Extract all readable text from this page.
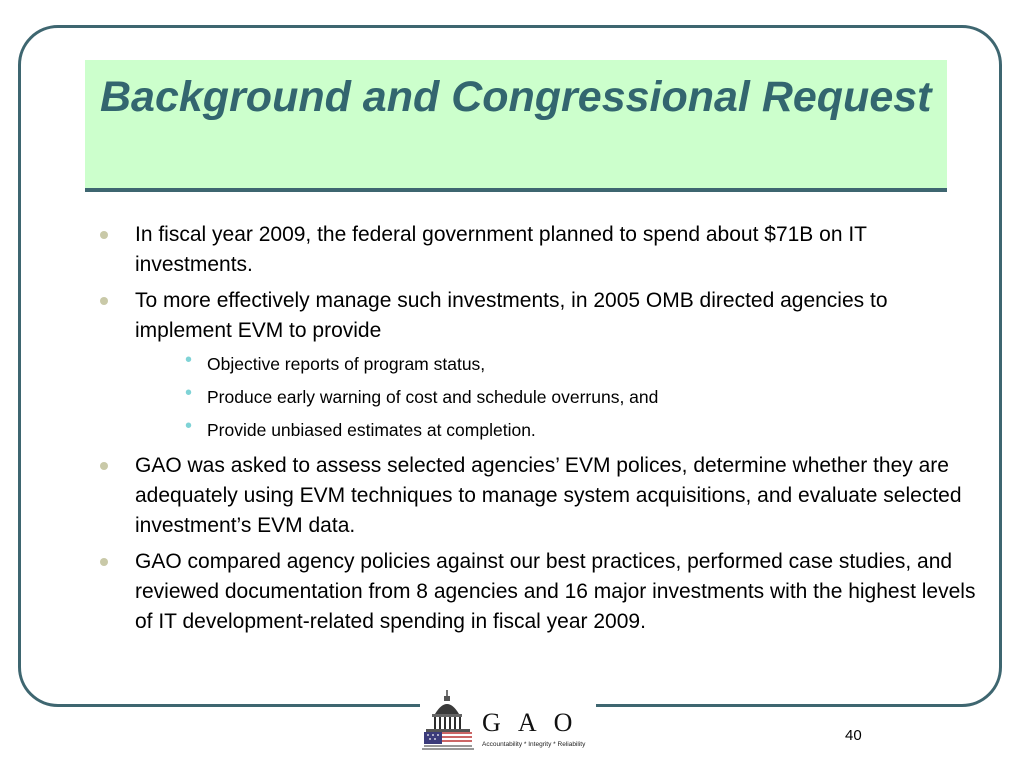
Background and Congressional Request
In fiscal year 2009, the federal government planned to spend about $71B on IT investments.
To more effectively manage such investments, in 2005 OMB directed agencies to implement EVM to provide
• Objective reports of program status,
• Produce early warning of cost and schedule overruns, and
• Provide unbiased estimates at completion.
GAO was asked to assess selected agencies’ EVM polices, determine whether they are adequately using EVM techniques to manage system acquisitions, and evaluate selected investment’s EVM data.
GAO compared agency policies against our best practices, performed case studies, and reviewed documentation from 8 agencies and 16 major investments with the highest levels of IT development-related spending in fiscal year 2009.
G A O
Accountability * Integrity * Reliability
40
